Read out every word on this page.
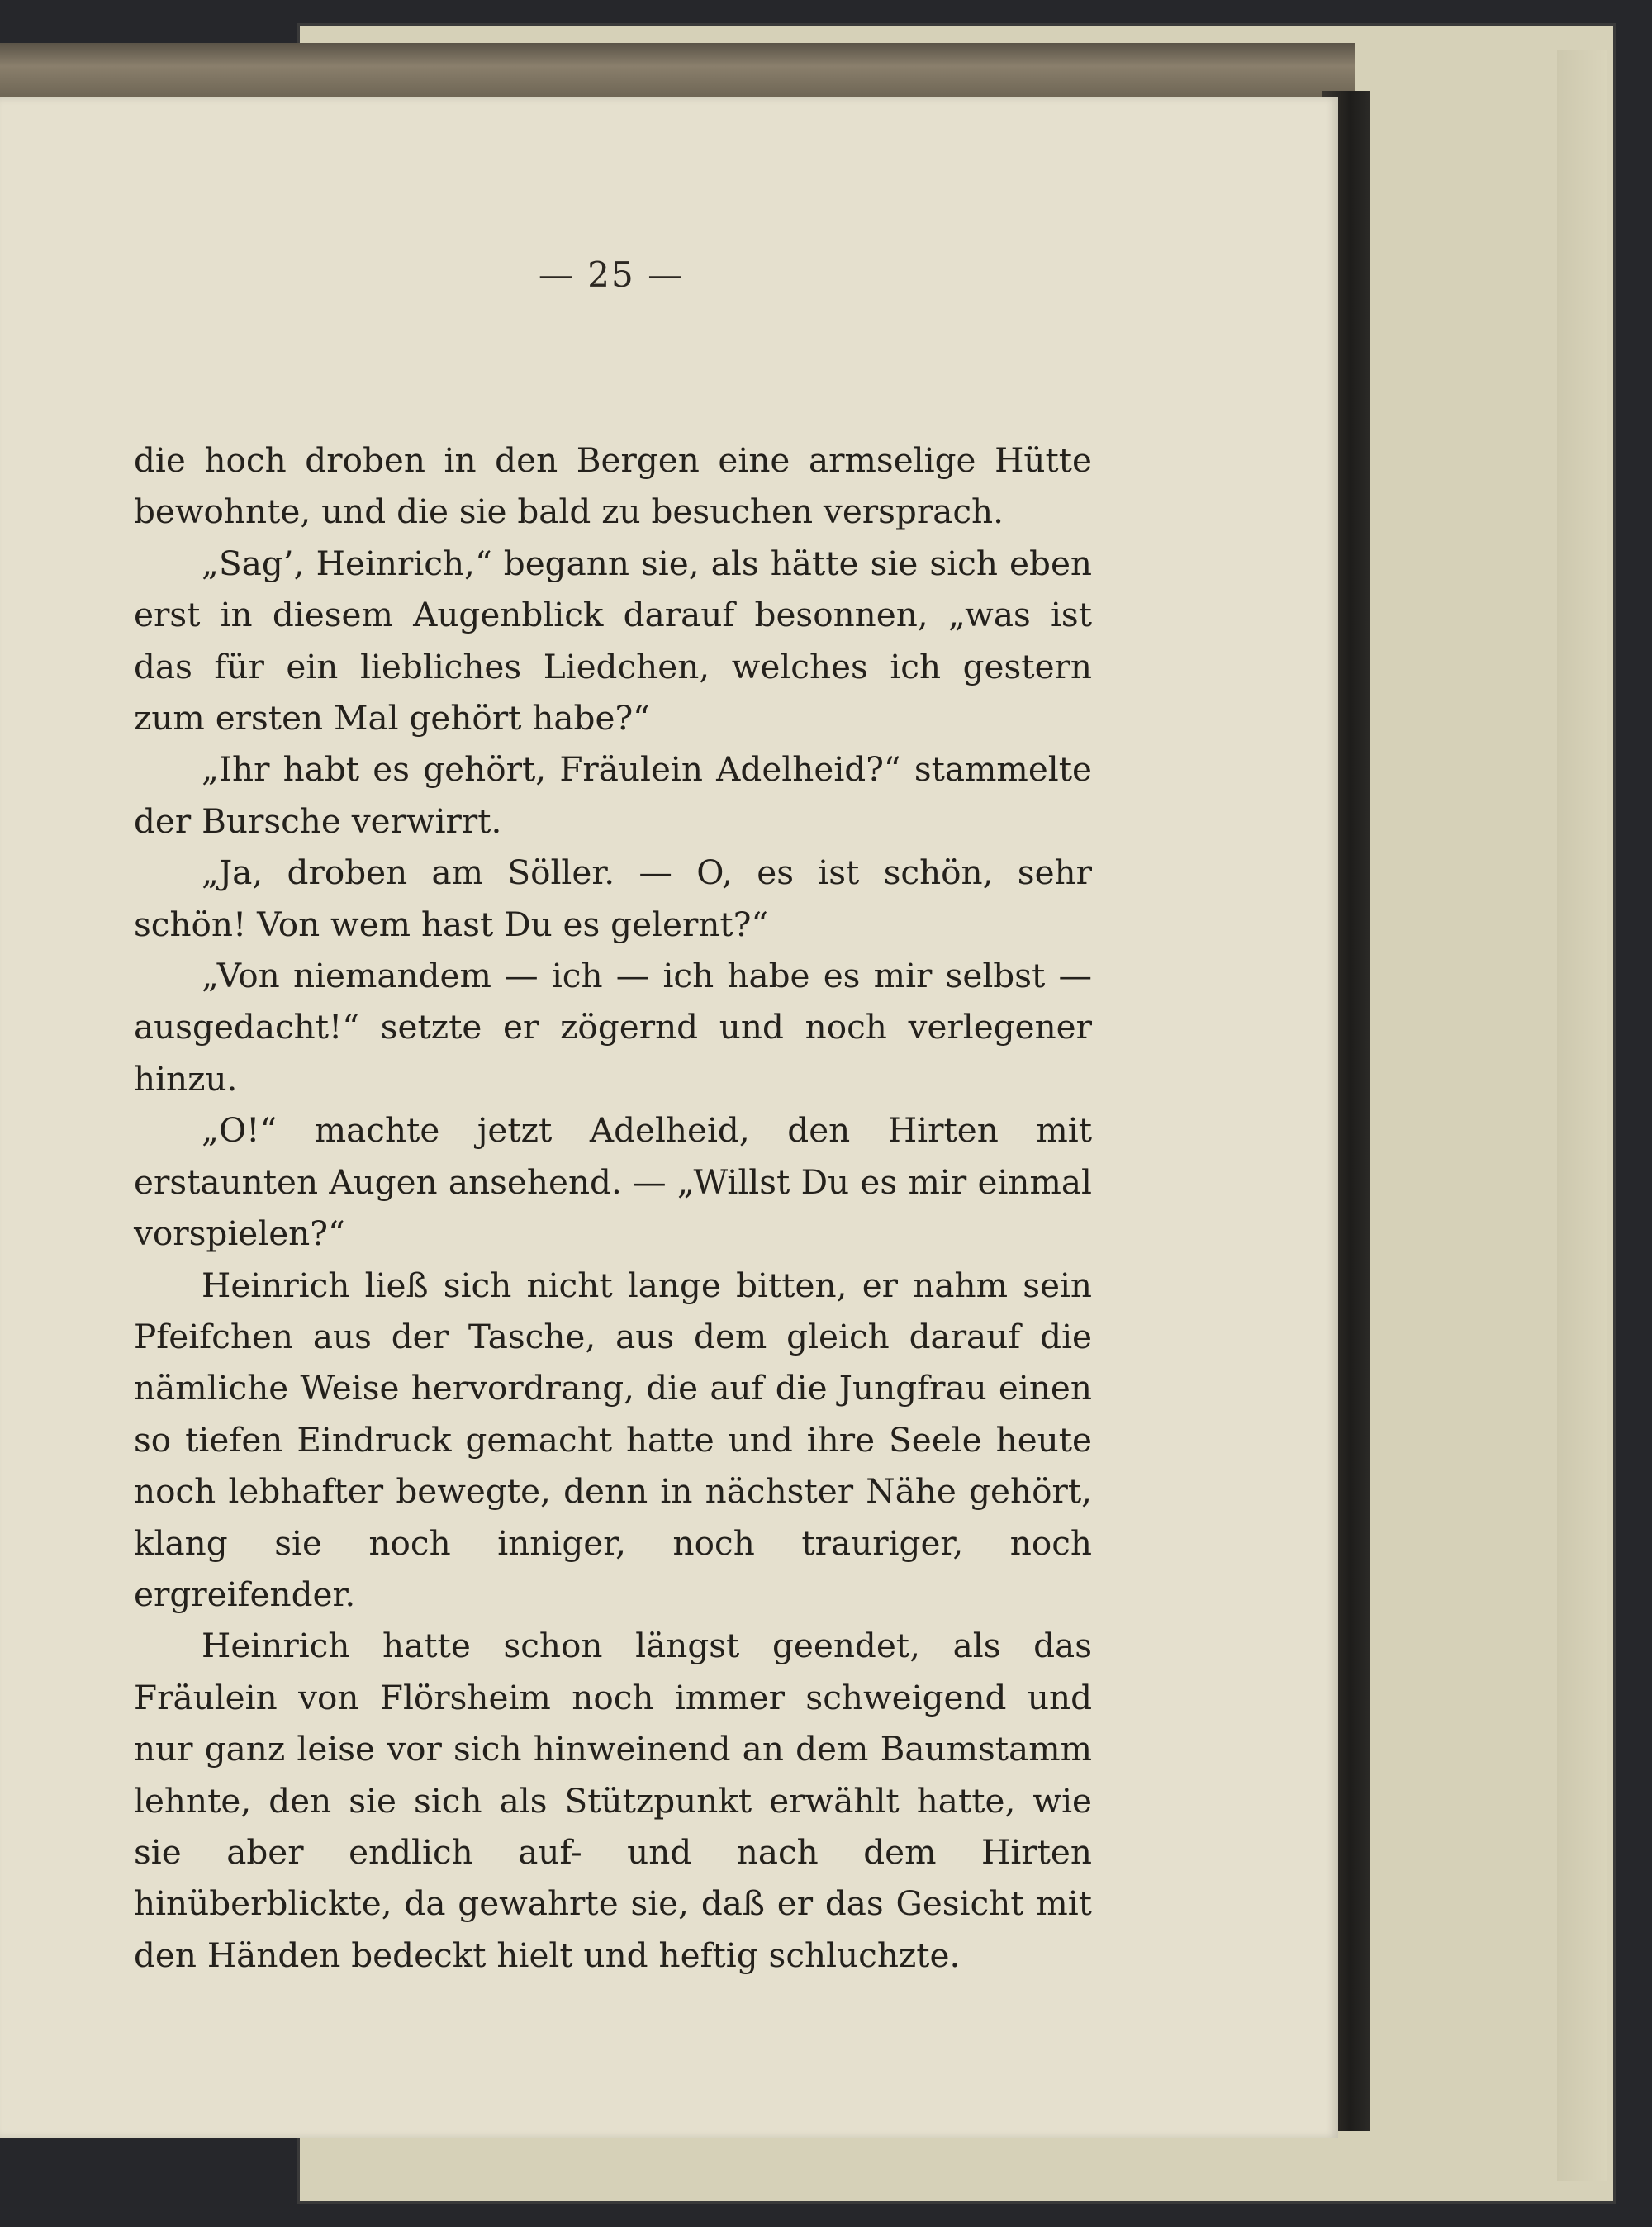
— 25 —

die hoch droben in den Bergen eine armselige Hütte bewohnte, und die sie bald zu besuchen versprach.

„Sag’, Heinrich,“ begann sie, als hätte sie sich eben erst in diesem Augenblick darauf besonnen, „was ist das für ein liebliches Liedchen, welches ich gestern zum ersten Mal gehört habe?“

„Ihr habt es gehört, Fräulein Adelheid?“ stammelte der Bursche verwirrt.

„Ja, droben am Söller. — O, es ist schön, sehr schön! Von wem hast Du es gelernt?“

„Von niemandem — ich — ich habe es mir selbst — ausgedacht!“ setzte er zögernd und noch verlegener hinzu.

„O!“ machte jetzt Adelheid, den Hirten mit erstaunten Augen ansehend. — „Willst Du es mir einmal vorspielen?“

Heinrich ließ sich nicht lange bitten, er nahm sein Pfeifchen aus der Tasche, aus dem gleich darauf die nämliche Weise hervordrang, die auf die Jungfrau einen so tiefen Eindruck gemacht hatte und ihre Seele heute noch lebhafter bewegte, denn in nächster Nähe gehört, klang sie noch inniger, noch trauriger, noch ergreifender.

Heinrich hatte schon längst geendet, als das Fräulein von Flörsheim noch immer schweigend und nur ganz leise vor sich hinweinend an dem Baumstamm lehnte, den sie sich als Stützpunkt erwählt hatte, wie sie aber endlich auf- und nach dem Hirten hinüberblickte, da gewahrte sie, daß er das Gesicht mit den Händen bedeckt hielt und heftig schluchzte.
